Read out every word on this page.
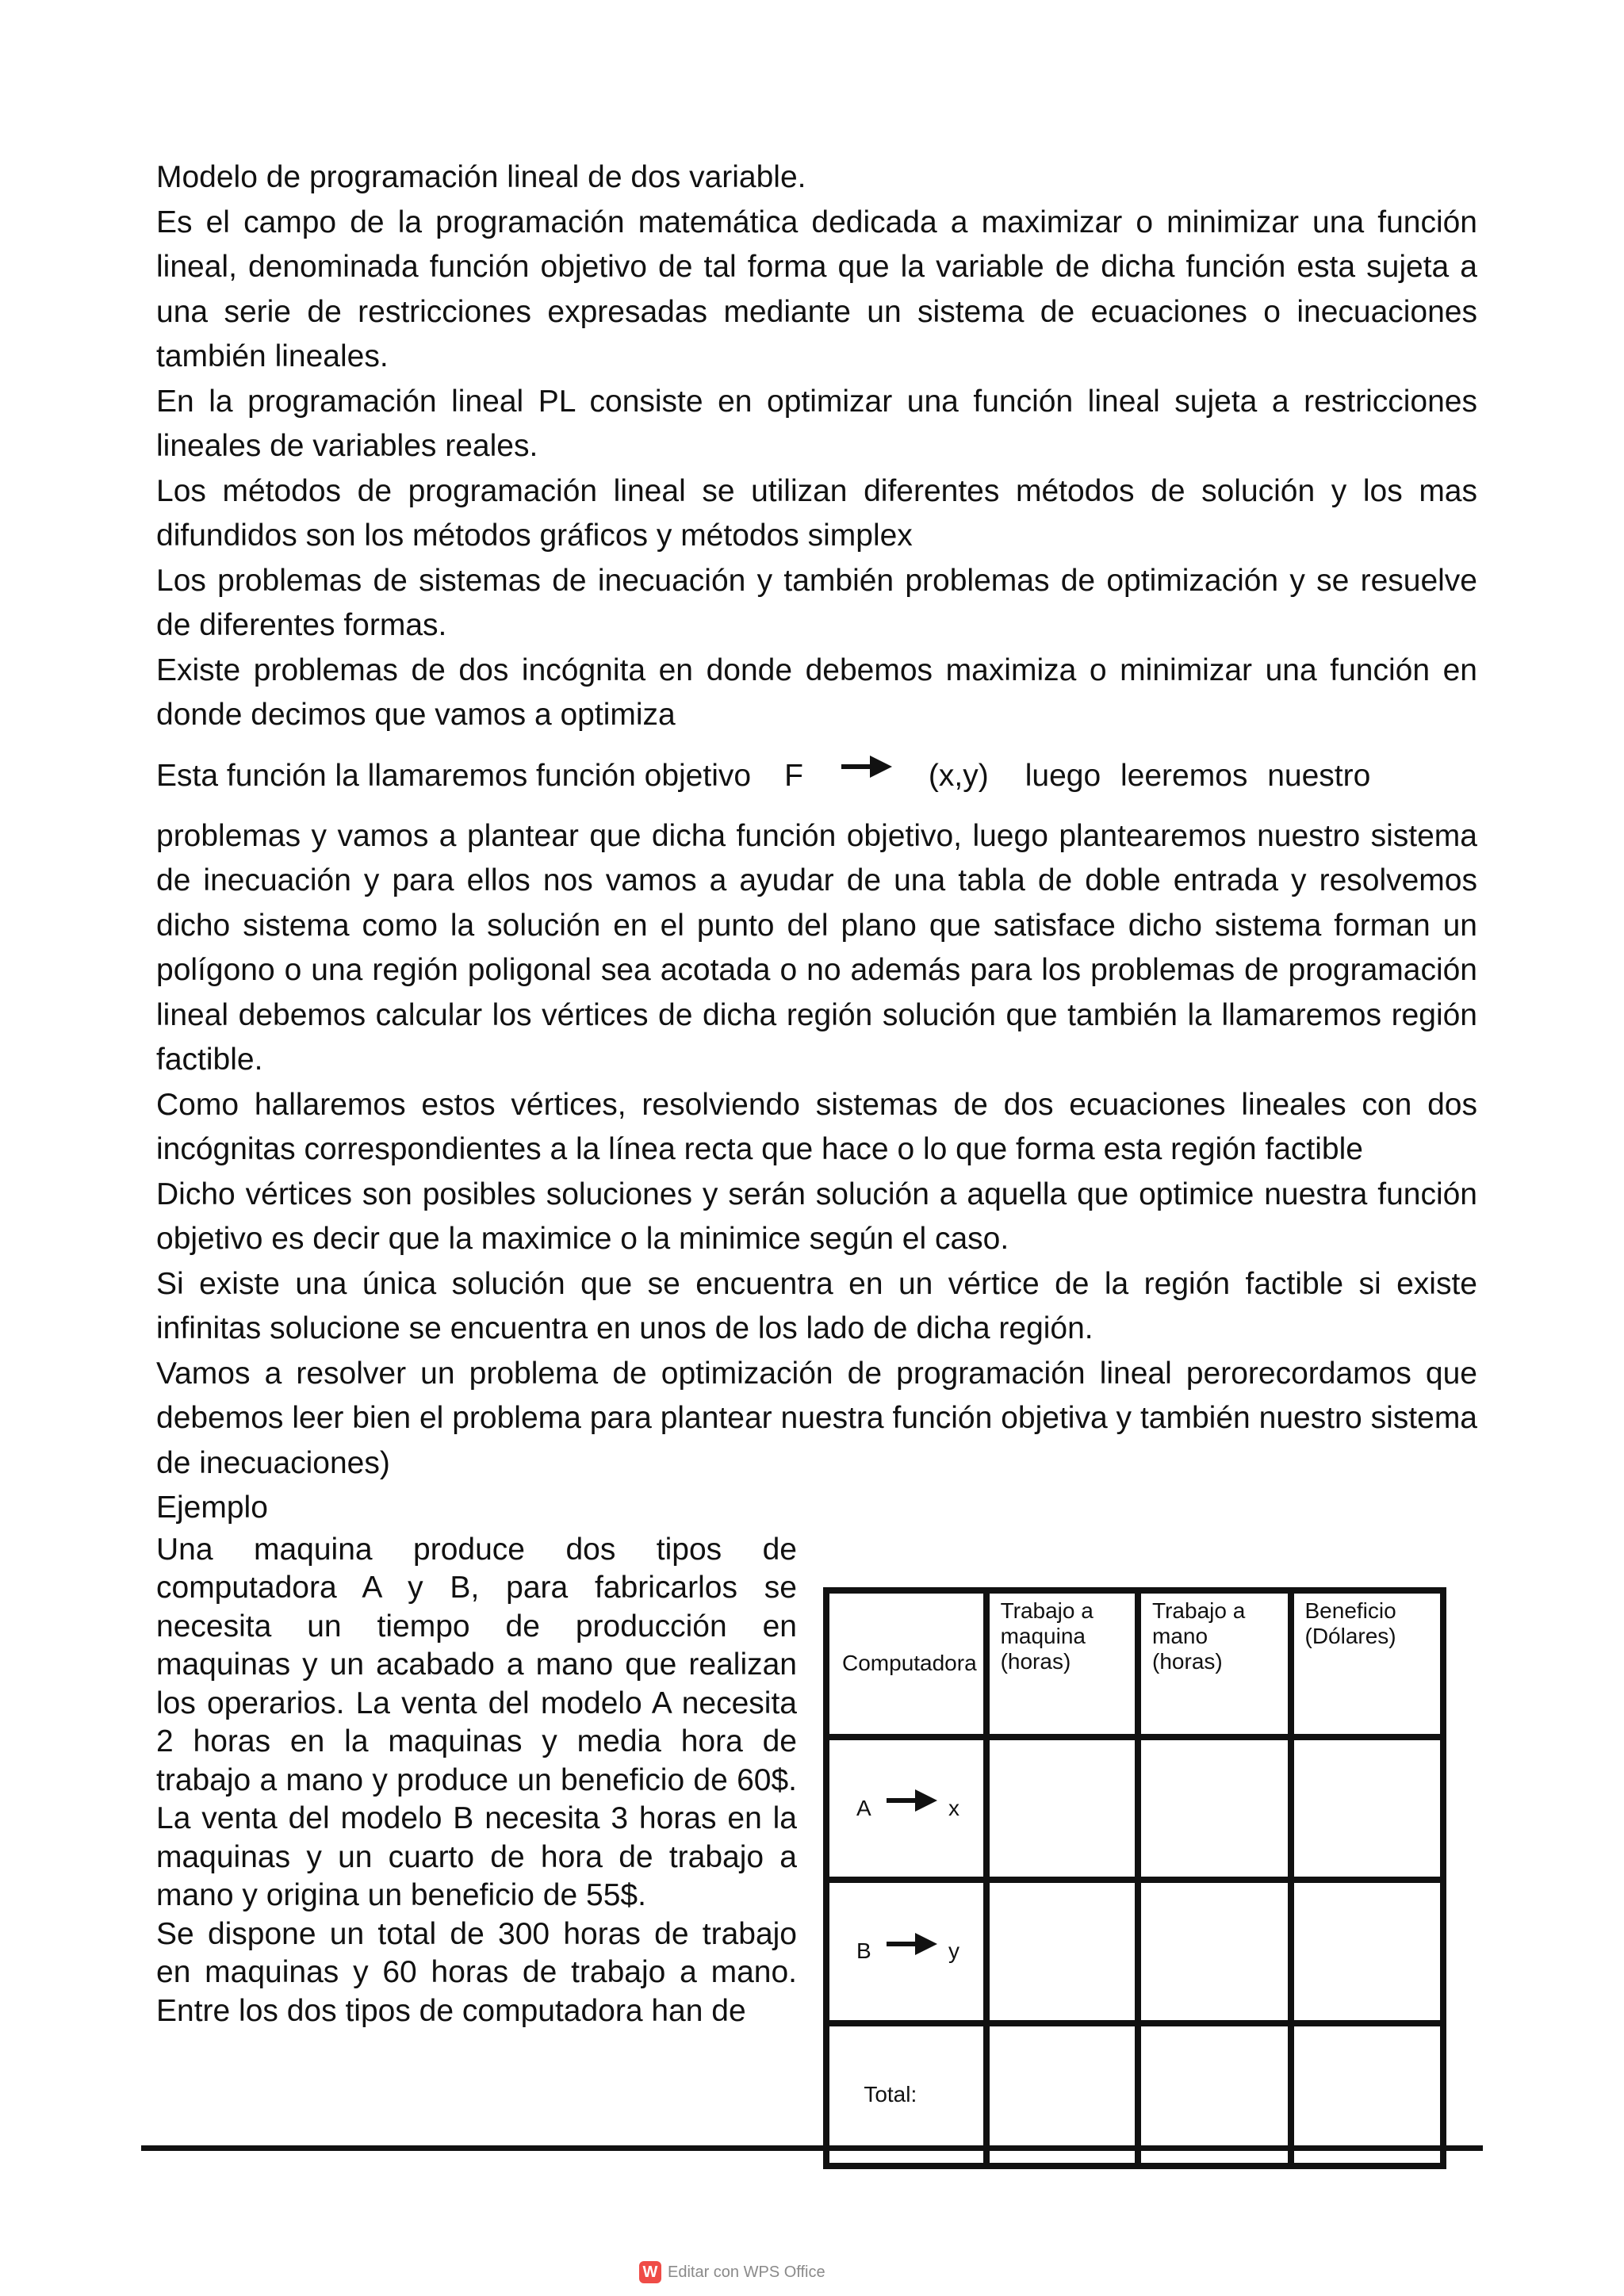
Modelo de programación lineal de dos variable.

Es el campo de la programación matemática dedicada a maximizar o minimizar una función lineal, denominada función objetivo de tal forma que la variable de dicha función esta sujeta a una serie de restricciones expresadas mediante un sistema de ecuaciones o inecuaciones también lineales.

En la programación lineal PL consiste en optimizar una función lineal sujeta a restricciones lineales de variables reales.

Los métodos de programación lineal se utilizan diferentes métodos de solución y los mas difundidos son los métodos gráficos y métodos simplex

Los problemas de sistemas de inecuación y también problemas de optimización y se resuelve de diferentes formas.

Existe problemas de dos incógnita en donde debemos maximiza o minimizar una función en donde decimos que vamos a optimiza

Esta función la llamaremos función objetivo F	(x,y) luego leeremos nuestro

problemas y vamos a plantear que dicha función objetivo, luego plantearemos nuestro sistema de inecuación y para ellos nos vamos a ayudar de una tabla de doble entrada y resolvemos dicho sistema como la solución en el punto del plano que satisface dicho sistema forman un polígono o una región poligonal sea acotada o no además para los problemas de programación lineal debemos calcular los vértices de dicha región solución que también la llamaremos región factible.

Como hallaremos estos vértices, resolviendo sistemas de dos ecuaciones lineales con dos incógnitas correspondientes a la línea recta que hace o lo que forma esta región factible

Dicho vértices son posibles soluciones y serán solución a aquella que optimice nuestra función objetivo es decir que la maximice o la minimice según el caso.

Si existe una única solución que se encuentra en un vértice de la región factible si existe infinitas solucione se encuentra en unos de los lado de dicha región.

Vamos a resolver un problema de optimización de programación lineal perorecordamos que debemos leer bien el problema para plantear nuestra función objetiva y también nuestro sistema de inecuaciones)

Ejemplo

Una maquina produce dos tipos de computadora A y B, para fabricarlos se necesita un tiempo de producción en maquinas y un acabado a mano que realizan los operarios. La venta del modelo A necesita 2 horas en la maquinas y media hora de trabajo a mano y produce un beneficio de 60$. La venta del modelo B necesita 3 horas en la maquinas y un cuarto de hora de trabajo a mano y origina un beneficio de 55$.

Se dispone un total de 300 horas de trabajo en maquinas y 60 horas de trabajo a mano. Entre los dos tipos de computadora han de

Computadora	Trabajo a maquina (horas)	Trabajo a mano (horas)	Beneficio (Dólares)

A x			

B y			

Total:			

W Editar con WPS Office
